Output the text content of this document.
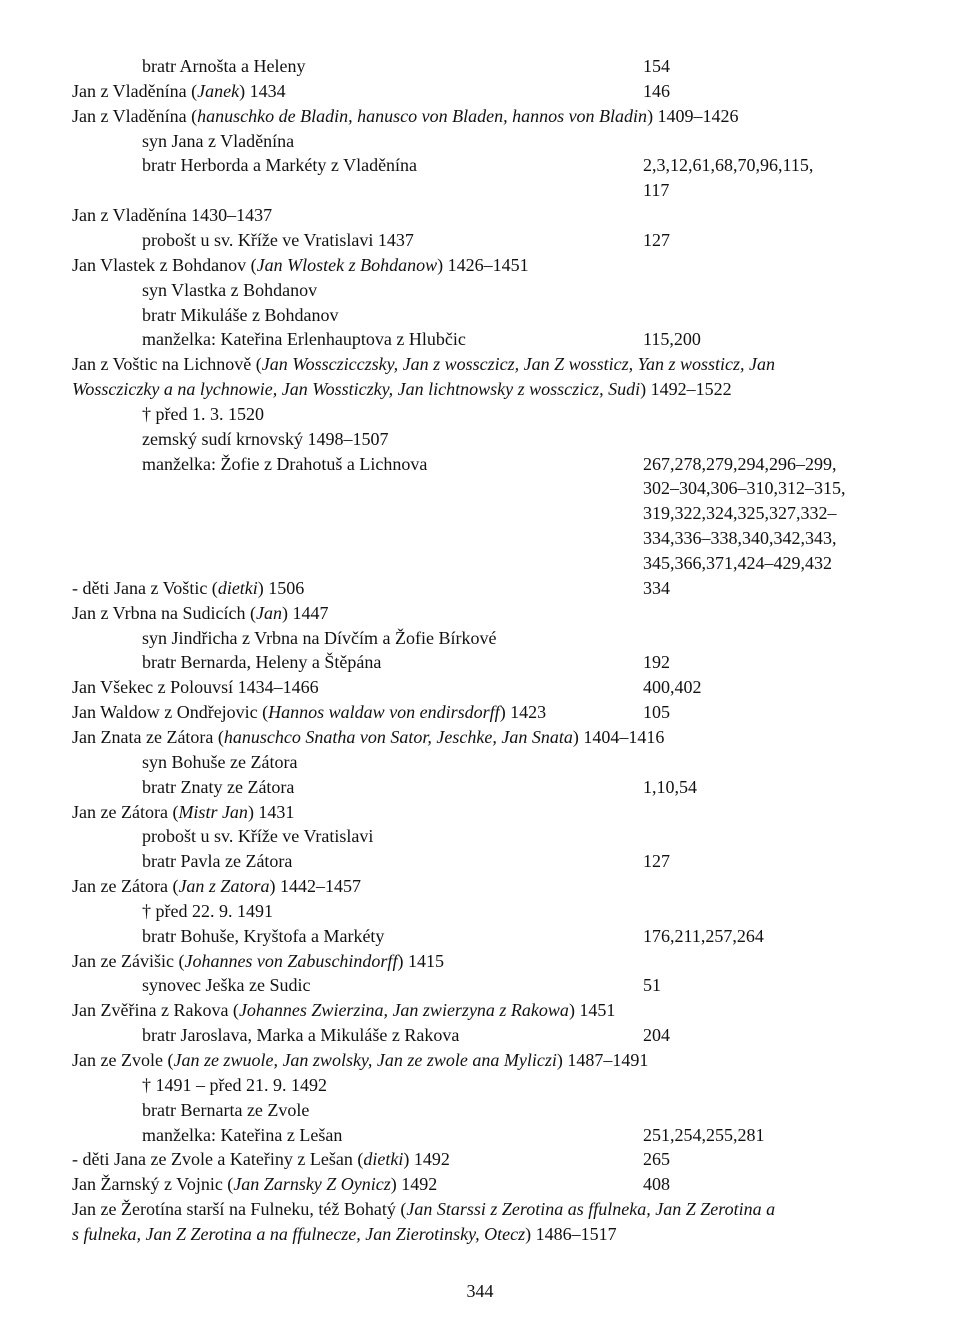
bratr Arnošta a Heleny	154
Jan z Vladěnína (Janek) 1434	146
Jan z Vladěnína (hanuschko de Bladin, hanusco von Bladen, hannos von Bladin) 1409–1426
syn Jana z Vladěnína
bratr Herborda a Markéty z Vladěnína	2,3,12,61,68,70,96,115,
117
Jan z Vladěnína 1430–1437
probošt u sv. Kříže ve Vratislavi 1437	127
Jan Vlastek z Bohdanov (Jan Wlostek z Bohdanow) 1426–1451
syn Vlastka z Bohdanov
bratr Mikuláše z Bohdanov
manželka: Kateřina Erlenhauptova z Hlubčic	115,200
Jan z Voštic na Lichnově (Jan Wossczicczsky, Jan z wossczicz, Jan Z wossticz, Yan z wossticz, Jan
Wosscziczky a na lychnowie, Jan Wossticzky, Jan lichtnowsky z wossczicz, Sudi) 1492–1522
† před 1. 3. 1520
zemský sudí krnovský 1498–1507
manželka: Žofie z Drahotuš a Lichnova	267,278,279,294,296–299,
302–304,306–310,312–315,
319,322,324,325,327,332–
334,336–338,340,342,343,
345,366,371,424–429,432
- děti Jana z Voštic (dietki) 1506	334
Jan z Vrbna na Sudicích (Jan) 1447
syn Jindřicha z Vrbna na Dívčím a Žofie Bírkové
bratr Bernarda, Heleny a Štěpána	192
Jan Všekec z Polouvsí 1434–1466	400,402
Jan Waldow z Ondřejovic (Hannos waldaw von endirsdorff) 1423	105
Jan Znata ze Zátora (hanuschco Snatha von Sator, Jeschke, Jan Snata) 1404–1416
syn Bohuše ze Zátora
bratr Znaty ze Zátora	1,10,54
Jan ze Zátora (Mistr Jan) 1431
probošt u sv. Kříže ve Vratislavi
bratr Pavla ze Zátora	127
Jan ze Zátora (Jan z Zatora) 1442–1457
† před 22. 9. 1491
bratr Bohuše, Kryštofa a Markéty	176,211,257,264
Jan ze Závišic (Johannes von Zabuschindorff) 1415
synovec Ješka ze Sudic	51
Jan Zvěřina z Rakova (Johannes Zwierzina, Jan zwierzyna z Rakowa) 1451
bratr Jaroslava, Marka a Mikuláše z Rakova	204
Jan ze Zvole (Jan ze zwuole, Jan zwolsky, Jan ze zwole ana Myliczi) 1487–1491
† 1491 – před 21. 9. 1492
bratr Bernarta ze Zvole
manželka: Kateřina z Lešan	251,254,255,281
- děti Jana ze Zvole a Kateřiny z Lešan (dietki) 1492	265
Jan Žarnský z Vojnic (Jan Zarnsky Z Oynicz) 1492	408
Jan ze Žerotína starší na Fulneku, též Bohatý (Jan Starssi z Zerotina as ffulneka, Jan Z Zerotina a
s fulneka, Jan Z Zerotina a na ffulnecze, Jan Zierotinsky, Otecz) 1486–1517
344
